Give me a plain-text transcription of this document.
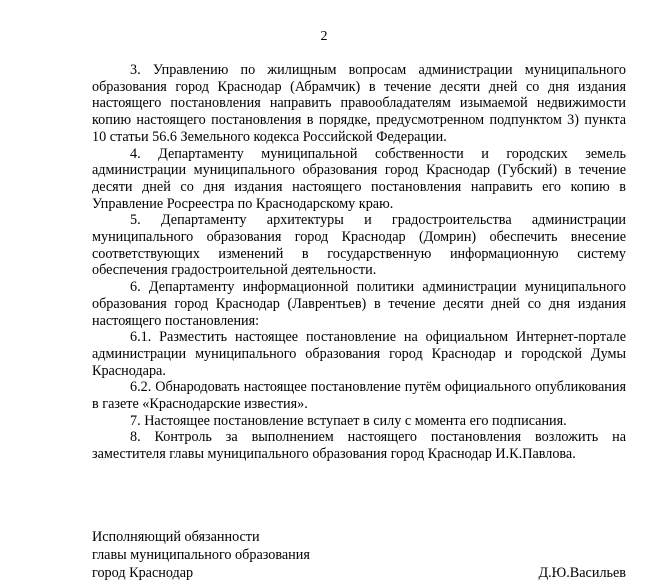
2

3. Управлению по жилищным вопросам администрации муниципального образования город Краснодар (Абрамчик) в течение десяти дней со дня издания настоящего постановления направить правообладателям изымаемой недвижимости копию настоящего постановления в порядке, предусмотренном подпунктом 3) пункта 10 статьи 56.6 Земельного кодекса Российской Федерации.

4. Департаменту муниципальной собственности и городских земель администрации муниципального образования город Краснодар (Губский) в течение десяти дней со дня издания настоящего постановления направить его копию в Управление Росреестра по Краснодарскому краю.

5. Департаменту архитектуры и градостроительства администрации муниципального образования город Краснодар (Домрин) обеспечить внесение соответствующих изменений в государственную информационную систему обеспечения градостроительной деятельности.

6. Департаменту информационной политики администрации муниципального образования город Краснодар (Лаврентьев) в течение десяти дней со дня издания настоящего постановления:

6.1. Разместить настоящее постановление на официальном Интернет-портале администрации муниципального образования город Краснодар и городской Думы Краснодара.

6.2. Обнародовать настоящее постановление путём официального опубликования в газете «Краснодарские известия».

7. Настоящее постановление вступает в силу с момента его подписания.

8. Контроль за выполнением настоящего постановления возложить на заместителя главы муниципального образования город Краснодар И.К.Павлова.

Исполняющий обязанности
главы муниципального образования
город Краснодар	Д.Ю.Васильев
